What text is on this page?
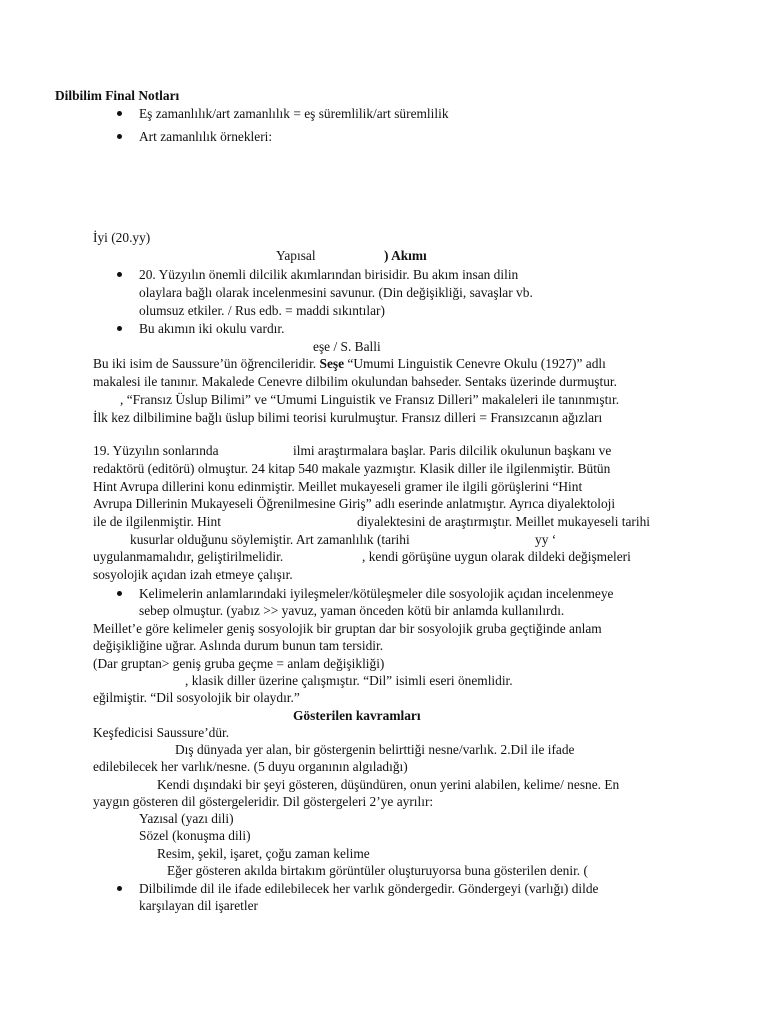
Dilbilim Final Notları
Eş zamanlılık/art zamanlılık = eş süremlilik/art süremlilik
Art zamanlılık örnekleri:
İyi (20.yy)
Yapısal	) Akımı
20. Yüzyılın önemli dilcilik akımlarından birisidir. Bu akım insan dilin
olaylara bağlı olarak incelenmesini savunur. (Din değişikliği, savaşlar vb.
olumsuz etkiler. / Rus edb. = maddi sıkıntılar)
Bu akımın iki okulu vardır.
eşe / S. Balli
Bu iki isim de Saussure’ün öğrencileridir. Seşe “Umumi Linguistik Cenevre Okulu (1927)” adlı
makalesi ile tanınır. Makalede Cenevre dilbilim okulundan bahseder. Sentaks üzerinde durmuştur.
, “Fransız Üslup Bilimi” ve “Umumi Linguistik ve Fransız Dilleri” makaleleri ile tanınmıştır.
İlk kez dilbilimine bağlı üslup bilimi teorisi kurulmuştur. Fransız dilleri = Fransızcanın ağızları
19. Yüzyılın sonlarında	ilmi araştırmalara başlar. Paris dilcilik okulunun başkanı ve
redaktörü (editörü) olmuştur. 24 kitap 540 makale yazmıştır. Klasik diller ile ilgilenmiştir. Bütün
Hint Avrupa dillerini konu edinmiştir. Meillet mukayeseli gramer ile ilgili görüşlerini “Hint
Avrupa Dillerinin Mukayeseli Öğrenilmesine Giriş” adlı eserinde anlatmıştır. Ayrıca diyalektoloji
ile de ilgilenmiştir. Hint	diyalektesini de araştırmıştır. Meillet mukayeseli tarihi
kusurlar olduğunu söylemiştir. Art zamanlılık (tarihi	yy ‘
uygulanmamalıdır, geliştirilmelidir.	, kendi görüşüne uygun olarak dildeki değişmeleri
sosyolojik açıdan izah etmeye çalışır.
Kelimelerin anlamlarındaki iyileşmeler/kötüleşmeler dile sosyolojik açıdan incelenmeye
sebep olmuştur. (yabız >> yavuz, yaman önceden kötü bir anlamda kullanılırdı.
Meillet’e göre kelimeler geniş sosyolojik bir gruptan dar bir sosyolojik gruba geçtiğinde anlam
değişikliğine uğrar. Aslında durum bunun tam tersidir.
(Dar gruptan> geniş gruba geçme = anlam değişikliği)
, klasik diller üzerine çalışmıştır. “Dil” isimli eseri önemlidir.
eğilmiştir. “Dil sosyolojik bir olaydır.”
Gösterilen kavramları
Keşfedicisi Saussure’dür.
Dış dünyada yer alan, bir göstergenin belirttiği nesne/varlık. 2.Dil ile ifade
edilebilecek her varlık/nesne. (5 duyu organının algıladığı)
Kendi dışındaki bir şeyi gösteren, düşündüren, onun yerini alabilen, kelime/ nesne. En
yaygın gösteren dil göstergeleridir. Dil göstergeleri 2’ye ayrılır:
Yazısal (yazı dili)
Sözel (konuşma dili)
Resim, şekil, işaret, çoğu zaman kelime
Eğer gösteren akılda birtakım görüntüler oluşturuyorsa buna gösterilen denir. (
Dilbilimde dil ile ifade edilebilecek her varlık göndergedir. Göndergeyi (varlığı) dilde
karşılayan dil işaretler
